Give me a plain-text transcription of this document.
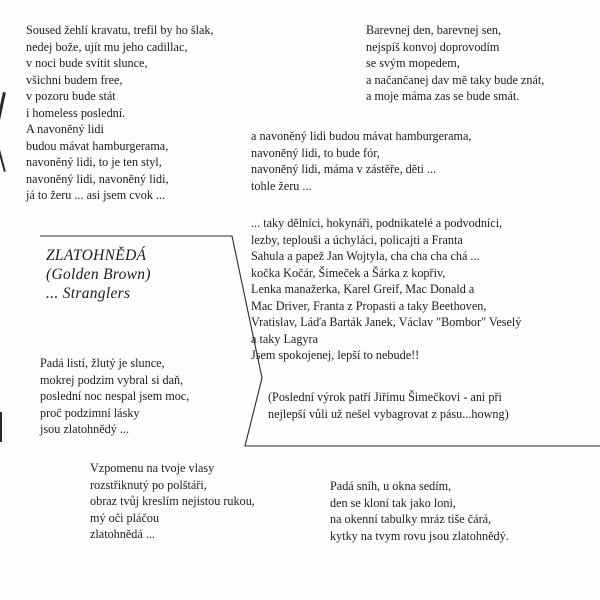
Soused žehlí kravatu, trefil by ho šlak,
nedej bože, ujít mu jeho cadillac,
v noci bude svítit slunce,
všichni budem free,
v pozoru bude stát
i homeless poslední.
A navoněný lidi
budou mávat hamburgerama,
navoněný lidi, to je ten styl,
navoněný lidi, navoněný lidi,
já to žeru ... asi jsem cvok ...
Barevnej den, barevnej sen,
nejspíš konvoj doprovodím
se svým mopedem,
a načančanej dav mě taky bude znát,
a moje máma zas se bude smát.
a navoněný lidi budou mávat hamburgerama,
navoněný lidi, to bude fór,
navoněný lidi, máma v zástěře, děti ...
tohle žeru ...
... taky dělníci, hokynáři, podnikatelé a podvodníci,
lezby, teplouši a úchyláci, policajti a Franta
Sahula a papež Jan Wojtyla, cha cha cha chá ...
kočka Kočár, Šimeček a Šárka z kopřiv,
Lenka manažerka, Karel Greif, Mac Donald a
Mac Driver, Franta z Propasti a taky Beethoven,
Vratislav, Láďa Barták Janek, Václav "Bombor" Veselý
a taky Lagyra
Jsem spokojenej, lepší to nebude!!
(Poslední výrok patří Jiřímu Šimečkovi - ani při
nejlepší vůli už nešel vybagrovat z pásu...howng)
ZLATOHNĚDÁ
(Golden Brown)
... Stranglers
Padá listí, žlutý je slunce,
mokrej podzim vybral si daň,
poslední noc nespal jsem moc,
proč podzimní lásky
jsou zlatohnědý ...
Vzpomenu na tvoje vlasy
rozstřiknutý po polštáři,
obraz tvůj kreslím nejistou rukou,
mý oči pláčou
zlatohnědá ...
Padá sníh, u okna sedím,
den se kloní tak jako loni,
na okenní tabulky mráz tiše čárá,
kytky na tvym rovu jsou zlatohnědý.
